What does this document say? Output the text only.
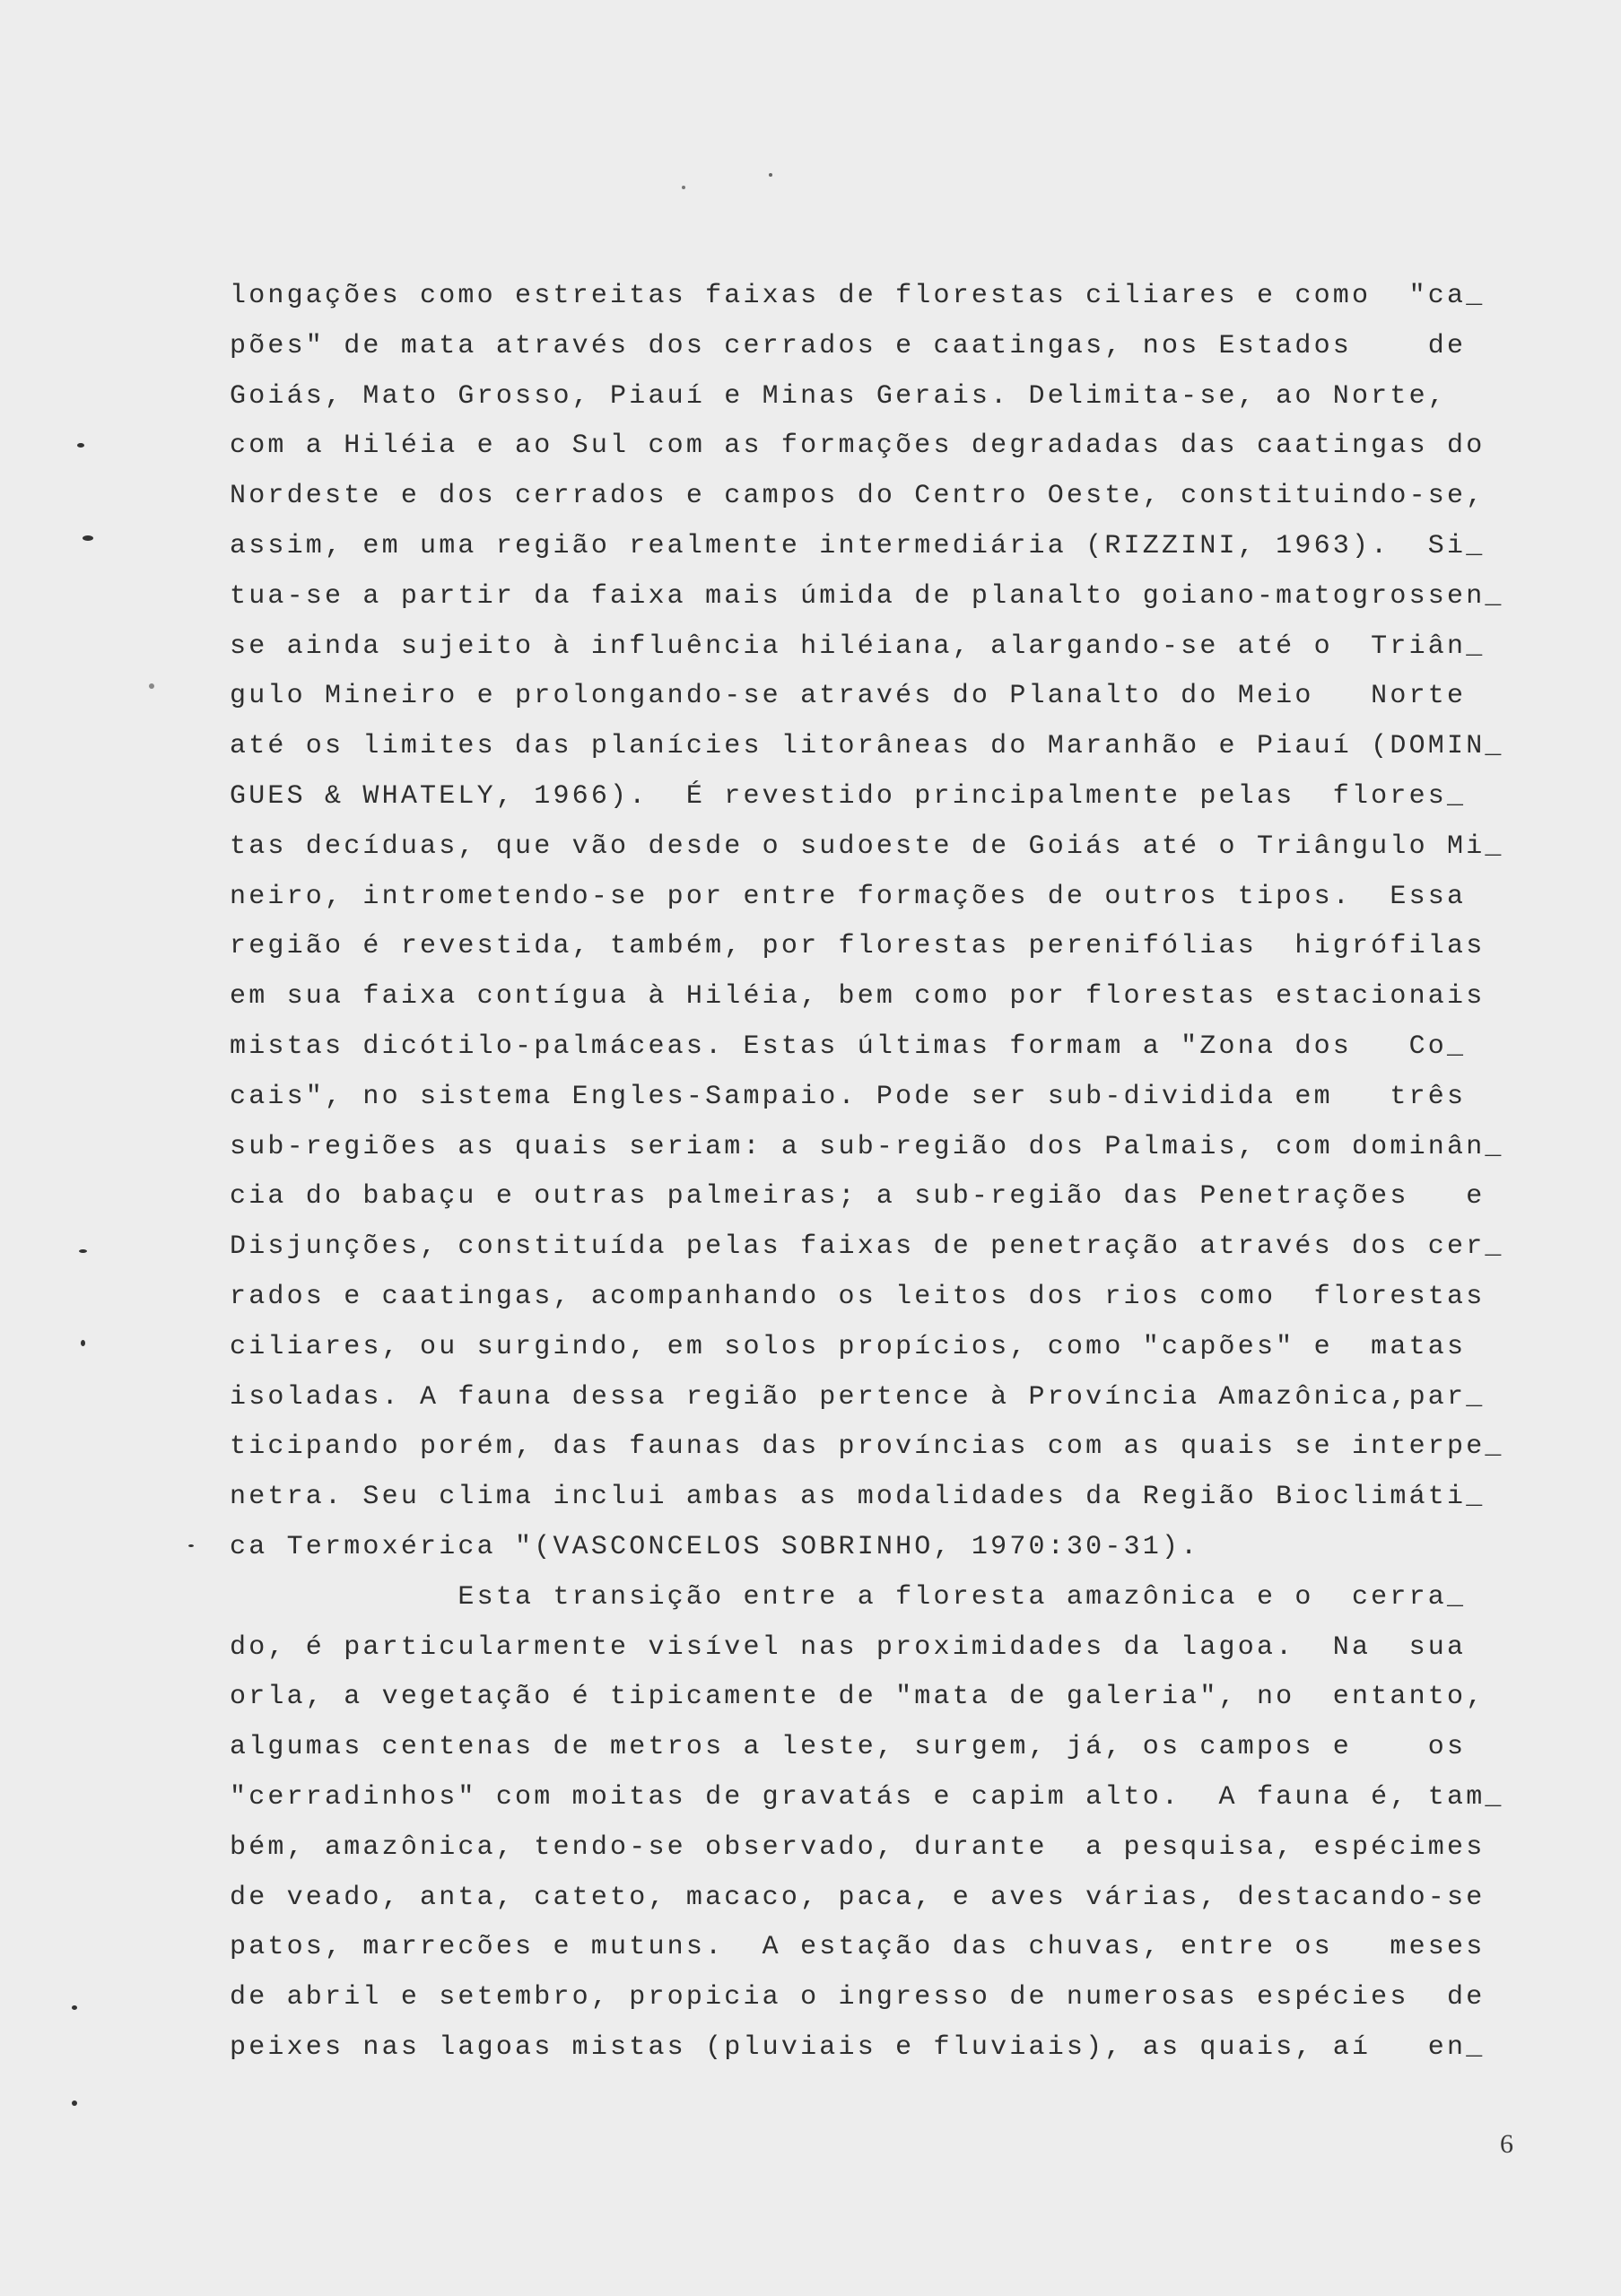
longações como estreitas faixas de florestas ciliares e como  "ca_
pões" de mata através dos cerrados e caatingas, nos Estados    de
Goiás, Mato Grosso, Piauí e Minas Gerais. Delimita-se, ao Norte,
com a Hiléia e ao Sul com as formações degradadas das caatingas do
Nordeste e dos cerrados e campos do Centro Oeste, constituindo-se,
assim, em uma região realmente intermediária (RIZZINI, 1963).  Si_
tua-se a partir da faixa mais úmida de planalto goiano-matogrossen_
se ainda sujeito à influência hiléiana, alargando-se até o  Triân_
gulo Mineiro e prolongando-se através do Planalto do Meio   Norte
até os limites das planícies litorâneas do Maranhão e Piauí (DOMIN_
GUES & WHATELY, 1966).  É revestido principalmente pelas  flores_
tas decíduas, que vão desde o sudoeste de Goiás até o Triângulo Mi_
neiro, intrometendo-se por entre formações de outros tipos.  Essa
região é revestida, também, por florestas perenifólias  higrófilas
em sua faixa contígua à Hiléia, bem como por florestas estacionais
mistas dicótilo-palmáceas. Estas últimas formam a "Zona dos   Co_
cais", no sistema Engles-Sampaio. Pode ser sub-dividida em   três
sub-regiões as quais seriam: a sub-região dos Palmais, com dominân_
cia do babaçu e outras palmeiras; a sub-região das Penetrações   e
Disjunções, constituída pelas faixas de penetração através dos cer_
rados e caatingas, acompanhando os leitos dos rios como  florestas
ciliares, ou surgindo, em solos propícios, como "capões" e  matas
isoladas. A fauna dessa região pertence à Província Amazônica,par_
ticipando porém, das faunas das províncias com as quais se interpe_
netra. Seu clima inclui ambas as modalidades da Região Bioclimáti_
ca Termoxérica "(VASCONCELOS SOBRINHO, 1970:30-31).
Esta transição entre a floresta amazônica e o  cerra_
do, é particularmente visível nas proximidades da lagoa.  Na  sua
orla, a vegetação é tipicamente de "mata de galeria", no  entanto,
algumas centenas de metros a leste, surgem, já, os campos e    os
"cerradinhos" com moitas de gravatás e capim alto.  A fauna é, tam_
bém, amazônica, tendo-se observado, durante  a pesquisa, espécimes
de veado, anta, cateto, macaco, paca, e aves várias, destacando-se
patos, marrecões e mutuns.  A estação das chuvas, entre os   meses
de abril e setembro, propicia o ingresso de numerosas espécies  de
peixes nas lagoas mistas (pluviais e fluviais), as quais, aí   en_
6
